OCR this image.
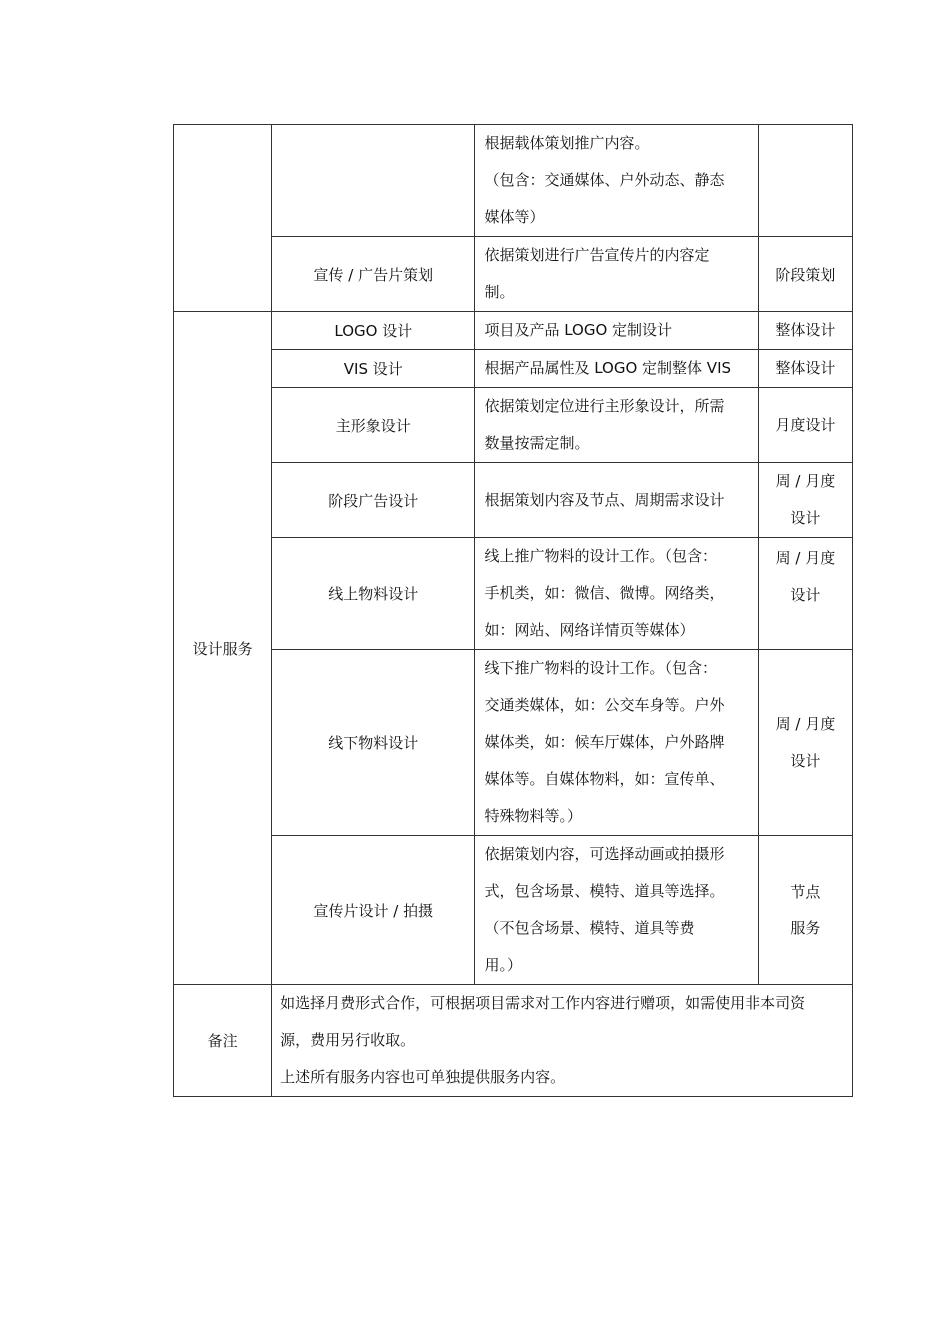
		根据载体策划推广内容。
（包含：交通媒体、户外动态、静态
媒体等）	

	宣传 / 广告片策划	依据策划进行广告宣传片的内容定
制。	阶段策划
设计服务	LOGO 设计	项目及产品 LOGO 定制设计	整体设计

	VIS 设计	根据产品属性及 LOGO 定制整体 VIS	整体设计

	主形象设计	依据策划定位进行主形象设计，所需
数量按需定制。	月度设计

	阶段广告设计	根据策划内容及节点、周期需求设计	周 / 月度
设计

	线上物料设计	线上推广物料的设计工作。（包含：
手机类，如：微信、微博。网络类，
如：网站、网络详情页等媒体）	周 / 月度
设计

	线下物料设计	线下推广物料的设计工作。（包含：
交通类媒体，如：公交车身等。户外
媒体类，如：候车厅媒体，户外路牌
媒体等。自媒体物料，如：宣传单、
特殊物料等。）	周 / 月度
设计

	宣传片设计 / 拍摄	依据策划内容，可选择动画或拍摄形
式，包含场景、模特、道具等选择。
（不包含场景、模特、道具等费
用。）	节点
服务

备注	如选择月费形式合作，可根据项目需求对工作内容进行赠项，如需使用非本司资
源，费用另行收取。
上述所有服务内容也可单独提供服务内容。		
